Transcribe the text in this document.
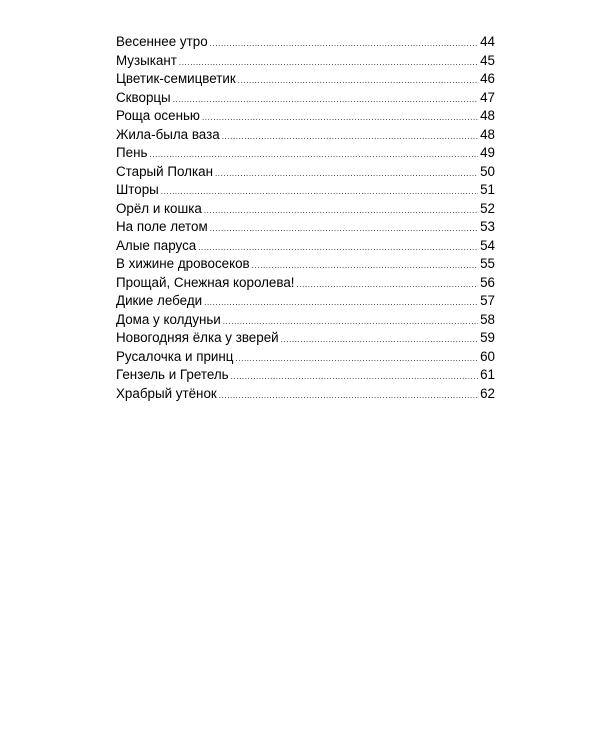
Весеннее утро .....	44
Музыкант .....	45
Цветик-семицветик .....	46
Скворцы .....	47
Роща осенью .....	48
Жила-была ваза .....	48
Пень .....	49
Старый Полкан .....	50
Шторы .....	51
Орёл и кошка .....	52
На поле летом .....	53
Алые паруса .....	54
В хижине дровосеков .....	55
Прощай, Снежная королева! .....	56
Дикие лебеди .....	57
Дома у колдуньи .....	58
Новогодняя ёлка у зверей .....	59
Русалочка и принц .....	60
Гензель и Гретель .....	61
Храбрый утёнок .....	62
